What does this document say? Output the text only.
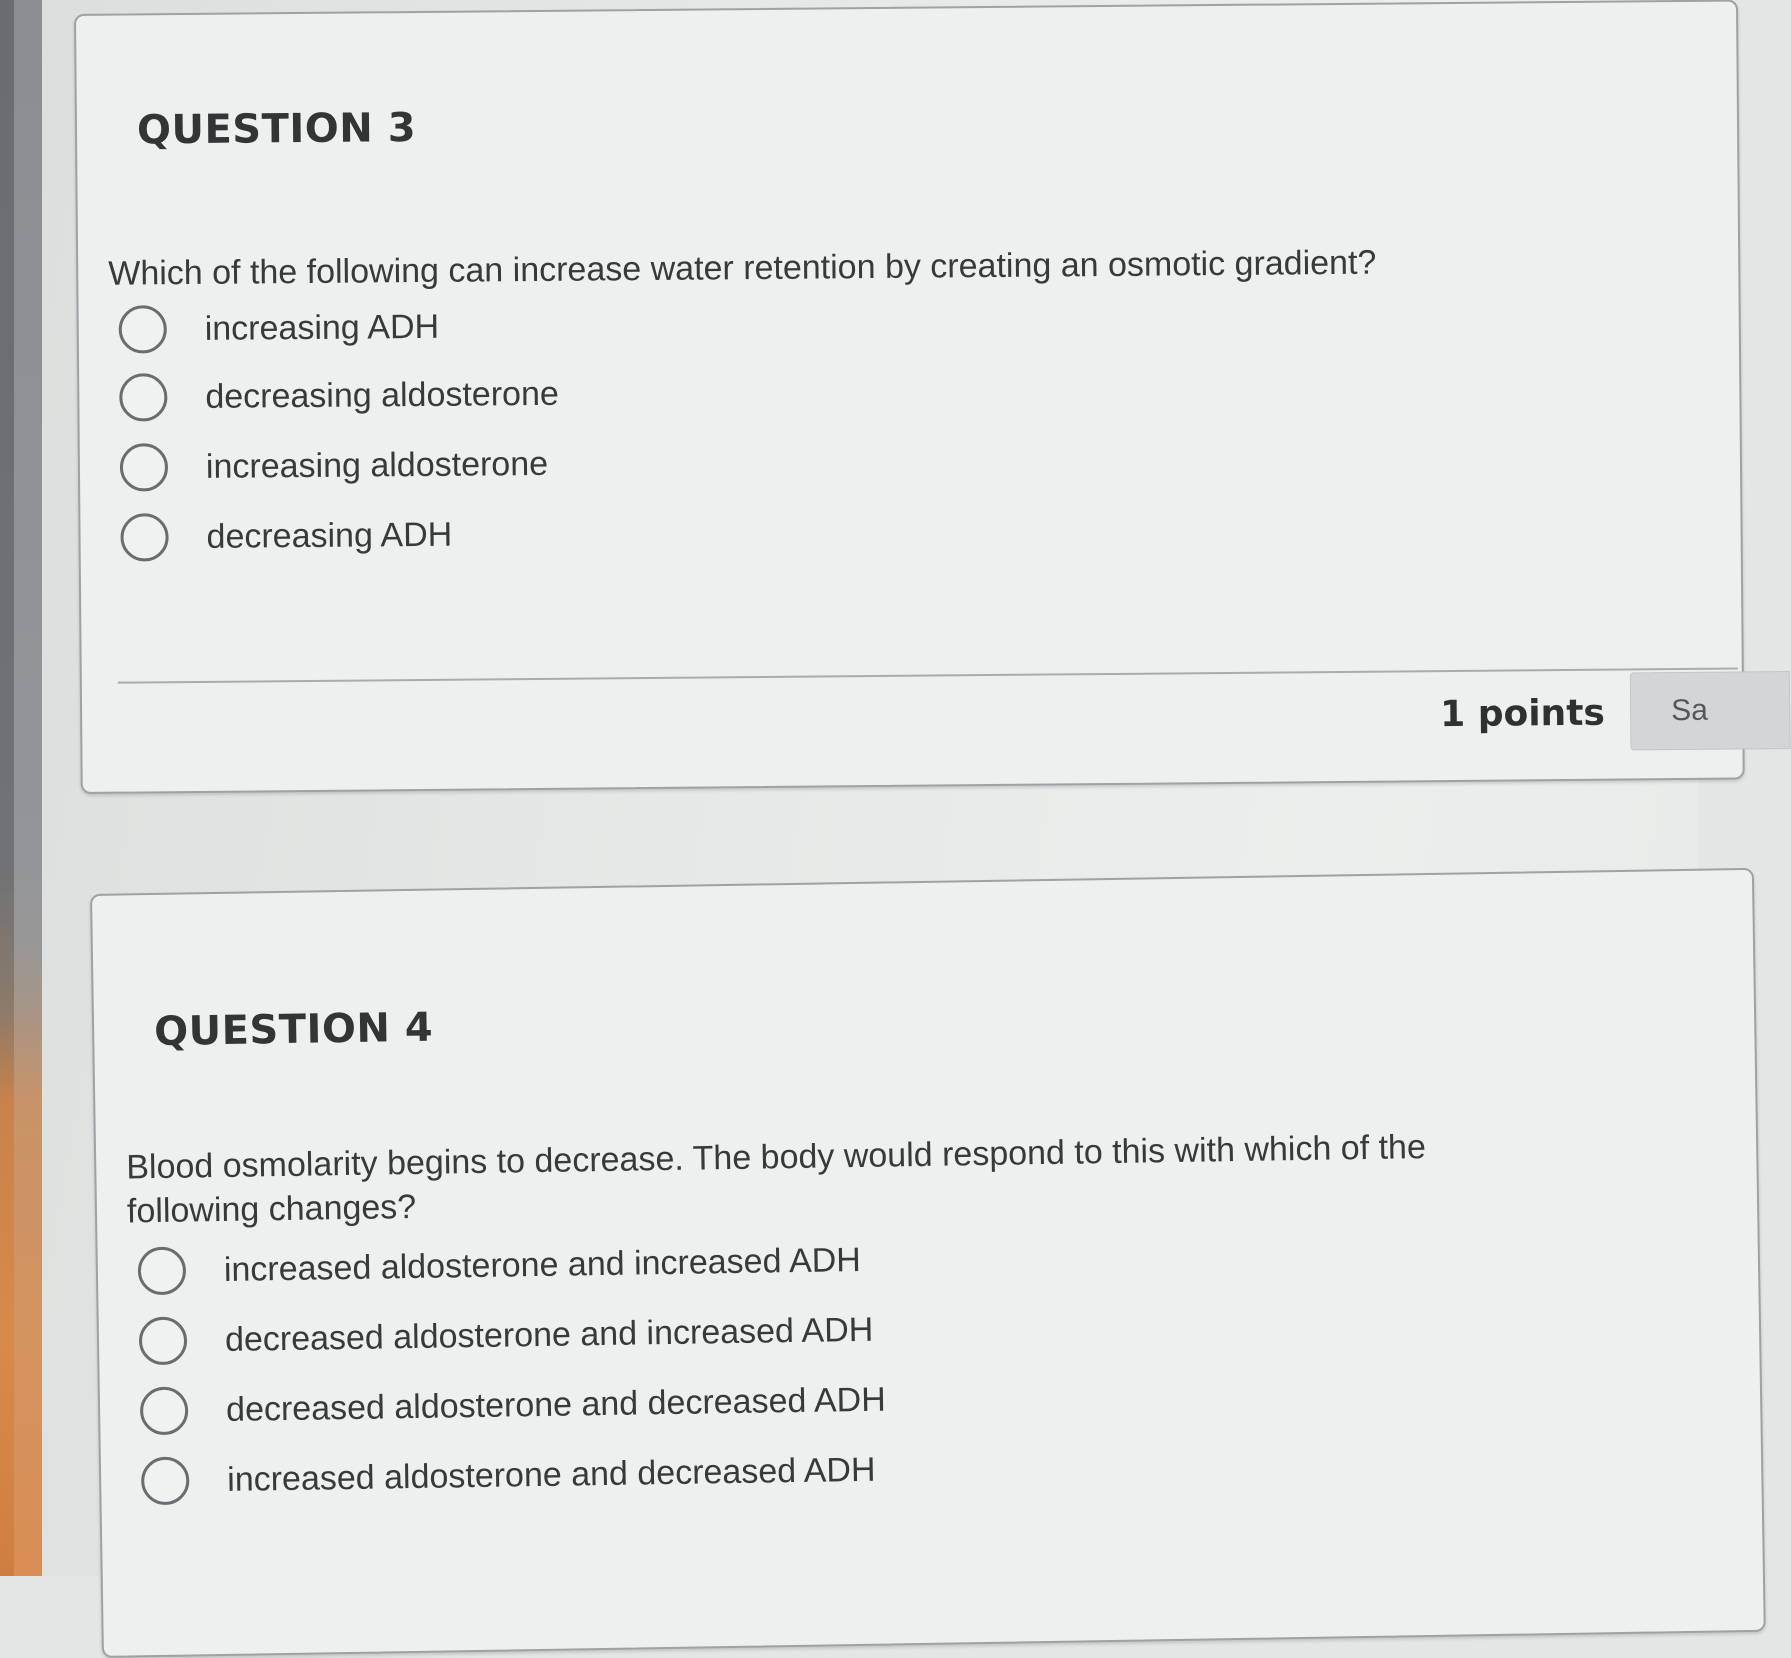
QUESTION 3
Which of the following can increase water retention by creating an osmotic gradient?
increasing ADH
decreasing aldosterone
increasing aldosterone
decreasing ADH
1 points Sa
QUESTION 4
Blood osmolarity begins to decrease. The body would respond to this with which of the following changes?
increased aldosterone and increased ADH
decreased aldosterone and increased ADH
decreased aldosterone and decreased ADH
increased aldosterone and decreased ADH
